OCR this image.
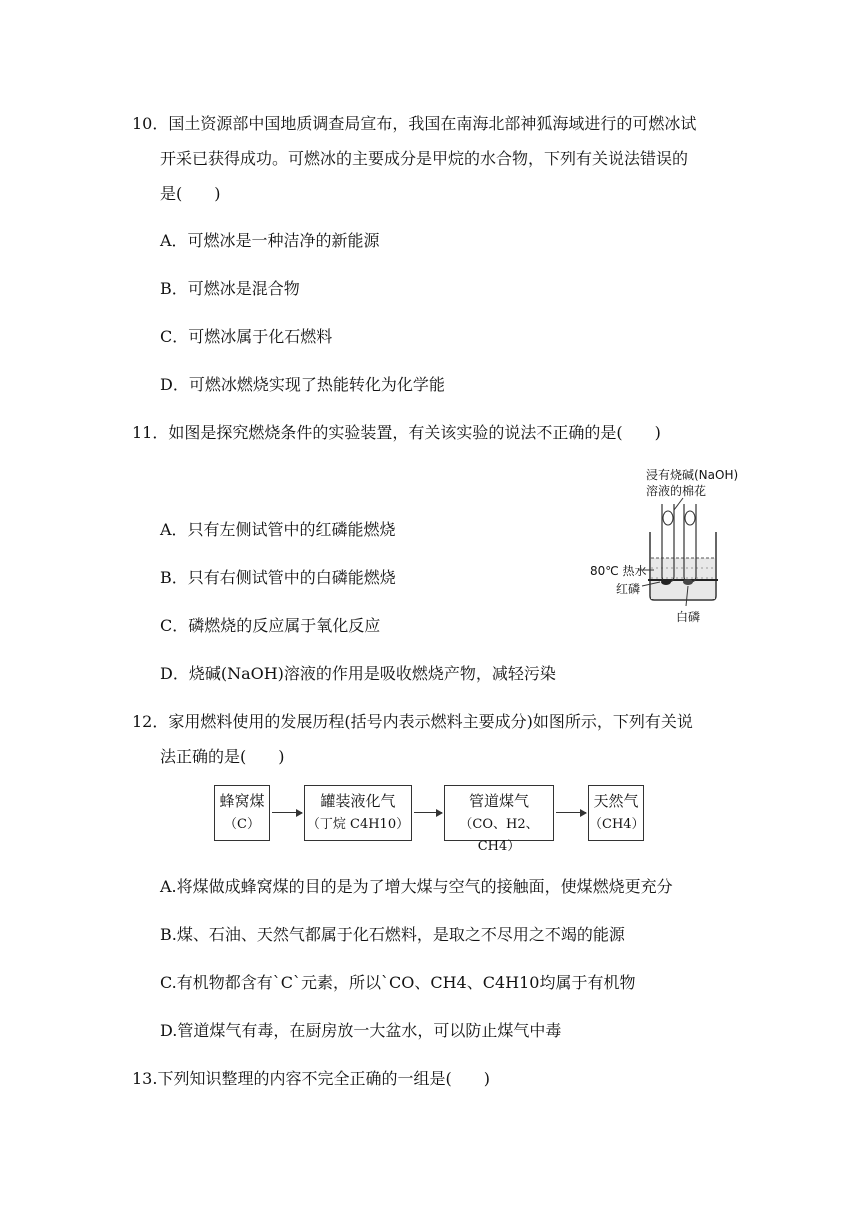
10．国土资源部中国地质调查局宣布，我国在南海北部神狐海域进行的可燃冰试
开采已获得成功。可燃冰的主要成分是甲烷的水合物，下列有关说法错误的
是(　　)
A．可燃冰是一种洁净的新能源
B．可燃冰是混合物
C．可燃冰属于化石燃料
D．可燃冰燃烧实现了热能转化为化学能
11．如图是探究燃烧条件的实验装置，有关该实验的说法不正确的是(　　)
A．只有左侧试管中的红磷能燃烧
B．只有右侧试管中的白磷能燃烧
C．磷燃烧的反应属于氧化反应
D．烧碱(NaOH)溶液的作用是吸收燃烧产物，减轻污染
浸有烧碱(NaOH)
溶液的棉花
80℃ 热水
红磷
白磷
12．家用燃料使用的发展历程(括号内表示燃料主要成分)如图所示，下列有关说
法正确的是(　　)
蜂窝煤
（C）
罐装液化气
（丁烷 C4H10）
管道煤气
（CO、H2、CH4）
天然气
（CH4）
A.将煤做成蜂窝煤的目的是为了增大煤与空气的接触面，使煤燃烧更充分
B.煤、石油、天然气都属于化石燃料，是取之不尽用之不竭的能源
C.有机物都含有`C`元素，所以`CO、CH4、C4H10均属于有机物
D.管道煤气有毒，在厨房放一大盆水，可以防止煤气中毒
13.下列知识整理的内容不完全正确的一组是(　　)
